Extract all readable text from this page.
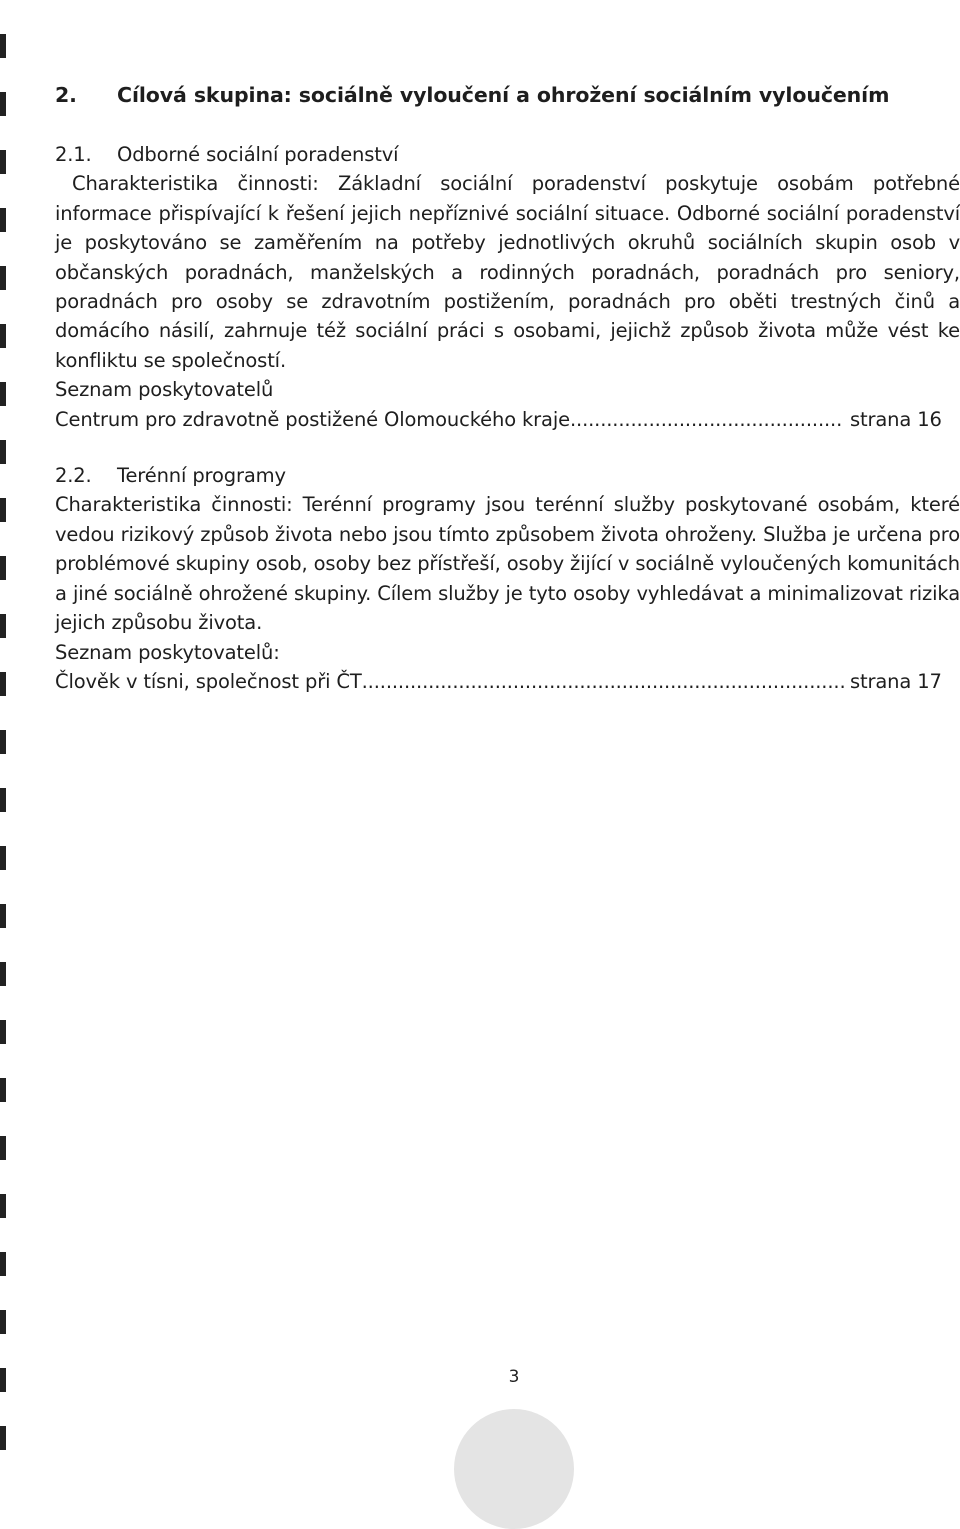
2.	Cílová skupina: sociálně vyloučení a ohrožení sociálním vyloučením
2.1.	Odborné sociální poradenství

Charakteristika činnosti: Základní sociální poradenství poskytuje osobám potřebné informace přispívající k řešení jejich nepříznivé sociální situace. Odborné sociální poradenství je poskytováno se zaměřením na potřeby jednotlivých okruhů sociálních skupin osob v občanských poradnách, manželských a rodinných poradnách, poradnách pro seniory, poradnách pro osoby se zdravotním postižením, poradnách pro oběti trestných činů a domácího násilí, zahrnuje též sociální práci s osobami, jejichž způsob života může vést ke konfliktu se společností.

Seznam poskytovatelů
Centrum pro zdravotně postižené Olomouckého kraje .....	strana 16
2.2.	Terénní programy

Charakteristika činnosti: Terénní programy jsou terénní služby poskytované osobám, které vedou rizikový způsob života nebo jsou tímto způsobem života ohroženy. Služba je určena pro problémové skupiny osob, osoby bez přístřeší, osoby žijící v sociálně vyloučených komunitách a jiné sociálně ohrožené skupiny. Cílem služby je tyto osoby vyhledávat a minimalizovat rizika jejich způsobu života.

Seznam poskytovatelů:
Člověk v tísni, společnost při ČT .....	strana 17
3
